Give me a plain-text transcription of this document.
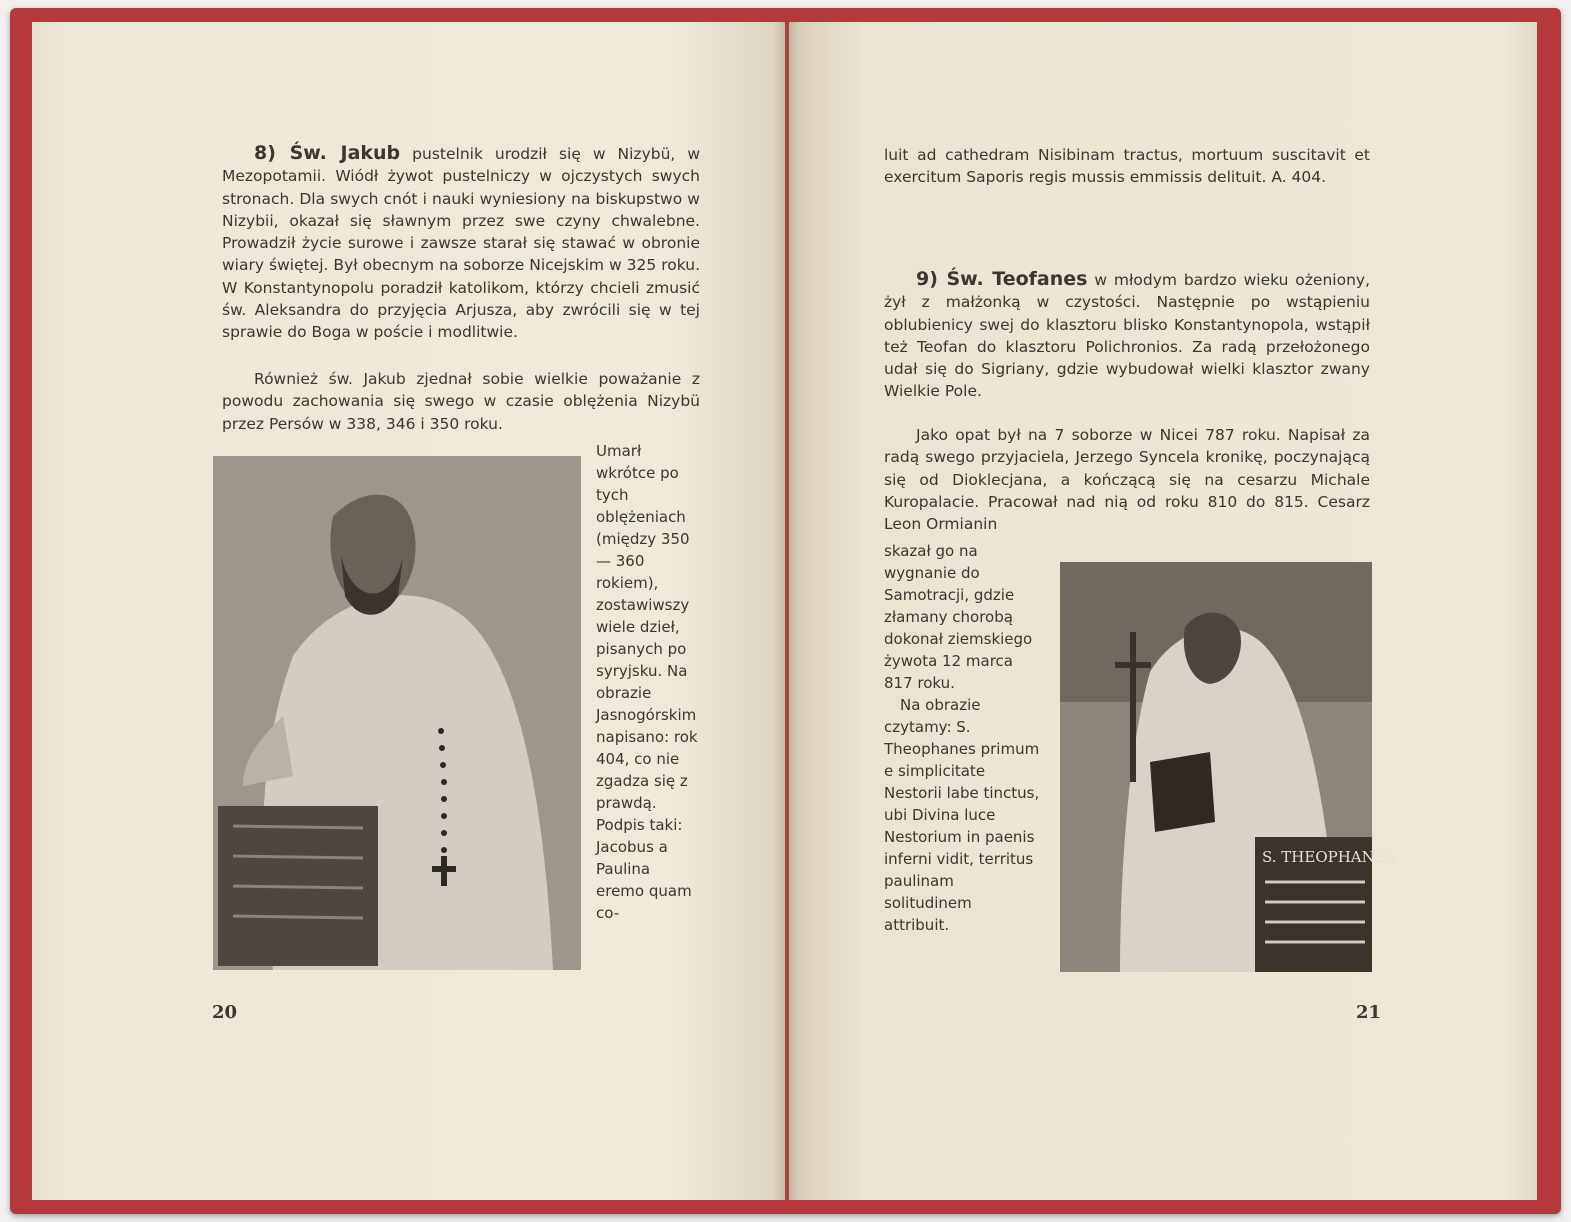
8) Św. Jakub pustelnik urodził się w Nizybü, w Mezopotamii. Wiódł żywot pustelniczy w ojczystych swych stronach. Dla swych cnót i nauki wyniesiony na biskupstwo w Nizybii, okazał się sławnym przez swe czyny chwalebne. Prowadził życie surowe i zawsze starał się stawać w obronie wiary świętej. Był obecnym na soborze Nicejskim w 325 roku. W Konstantynopolu poradził katolikom, którzy chcieli zmusić św. Aleksandra do przyjęcia Arjusza, aby zwrócili się w tej sprawie do Boga w poście i modlitwie.
Również św. Jakub zjednał sobie wielkie poważanie z powodu zachowania się swego w czasie oblężenia Nizybü przez Persów w 338, 346 i 350 roku.
Umarł wkrótce po tych oblężeniach (między 350 — 360 rokiem), zostawiwszy wiele dzieł, pisanych po syryjsku. Na obrazie Jasnogórskim napisano: rok 404, co nie zgadza się z prawdą.
Podpis taki: Jacobus a Paulina eremo quam co-
20
luit ad cathedram Nisibinam tractus, mortuum suscitavit et exercitum Saporis regis mussis emmissis delituit. A. 404.
9) Św. Teofanes w młodym bardzo wieku ożeniony, żył z małżonką w czystości. Następnie po wstąpieniu oblubienicy swej do klasztoru blisko Konstantynopola, wstąpił też Teofan do klasztoru Polichronios. Za radą przełożonego udał się do Sigriany, gdzie wybudował wielki klasztor zwany Wielkie Pole.
Jako opat był na 7 soborze w Nicei 787 roku. Napisał za radą swego przyjaciela, Jerzego Syncela kronikę, poczynającą się od Dioklecjana, a kończącą się na cesarzu Michale Kuropalacie. Pracował nad nią od roku 810 do 815. Cesarz Leon Ormianin
skazał go na wygnanie do Samotracji, gdzie złamany chorobą dokonał ziemskiego żywota 12 marca 817 roku.
Na obrazie czytamy: S. Theophanes primum e simplicitate Nestorii labe tinctus, ubi Divina luce Nestorium in paenis inferni vidit, territus paulinam solitudinem attribuit.
S. THEOPHANES
21
